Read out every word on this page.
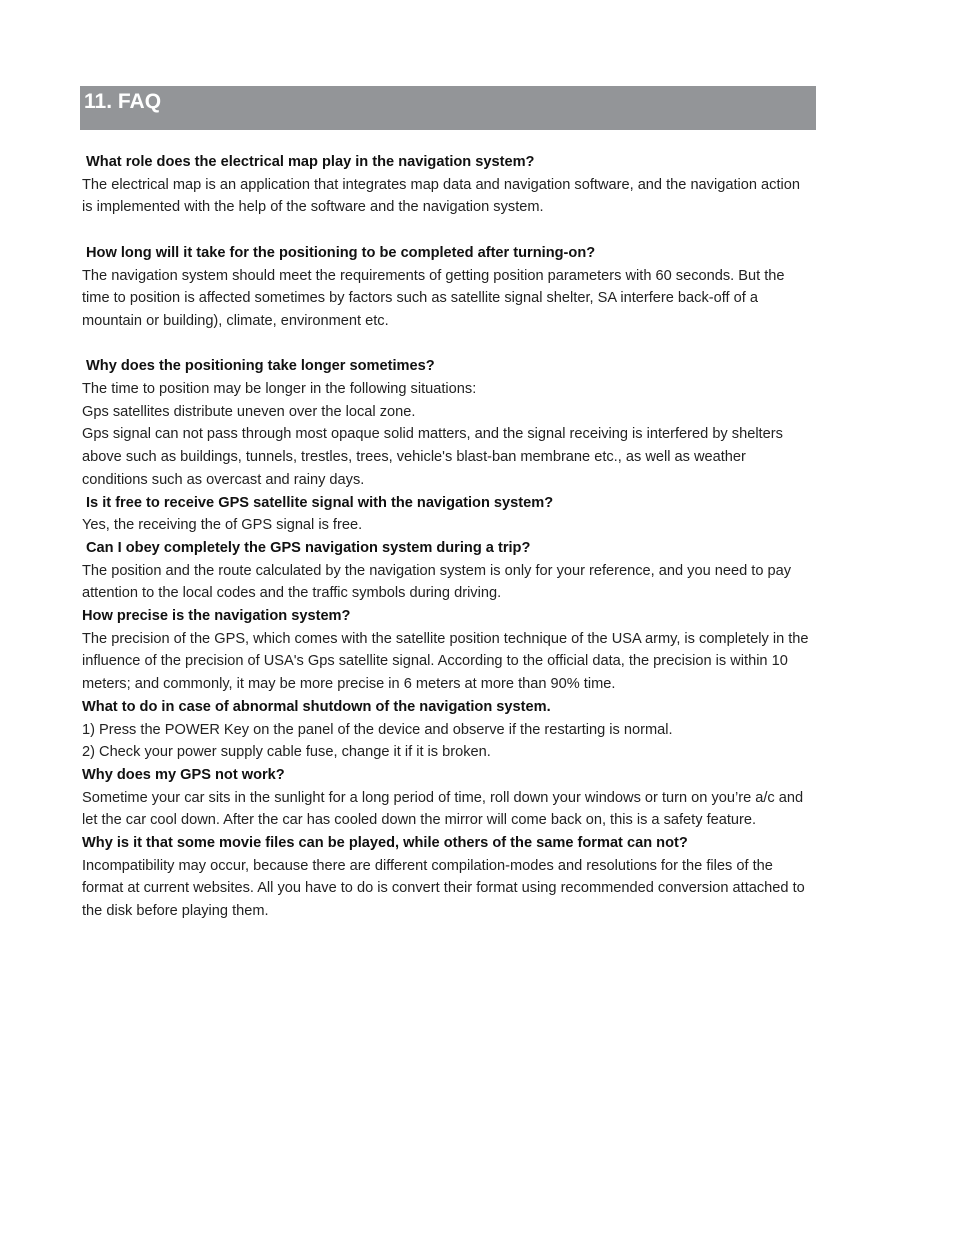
11. FAQ

What role does the electrical map play in the navigation system?

The electrical map is an application that integrates map data and navigation software, and the navigation action is implemented with the help of the software and the navigation system.

How long will it take for the positioning to be completed after turning-on?

The navigation system should meet the requirements of getting position parameters with 60 seconds. But the time to position is affected sometimes by factors such as satellite signal shelter, SA interfere back-off of a mountain or building), climate, environment etc.

Why does the positioning take longer sometimes?

The time to position may be longer in the following situations:

Gps satellites distribute uneven over the local zone.

Gps signal can not pass through most opaque solid matters, and the signal receiving is interfered by shelters above such as buildings, tunnels, trestles, trees, vehicle's blast-ban membrane etc., as well as weather conditions such as overcast and rainy days.

Is it free to receive GPS satellite signal with the navigation system?

Yes, the receiving the of GPS signal is free.

Can I obey completely the GPS navigation system during a trip?

The position and the route calculated by the navigation system is only for your reference, and you need to pay attention to the local codes and the traffic symbols during driving.

How precise is the navigation system?

The precision of the GPS, which comes with the satellite position technique of the USA army, is completely in the influence of the precision of USA's Gps satellite signal. According to the official data, the precision is within 10 meters; and commonly, it may be more precise in 6 meters at more than 90% time.

What to do in case of abnormal shutdown of the navigation system.

1) Press the POWER Key on the panel of the device and observe if the restarting is normal.

2) Check your power supply cable fuse, change it if it is broken.

Why does my GPS not work?

Sometime your car sits in the sunlight for a long period of time, roll down your windows or turn on you’re a/c and let the car cool down. After the car has cooled down the mirror will come back on, this is a safety feature.

Why is it that some movie files can be played, while others of the same format can not?

Incompatibility may occur, because there are different compilation-modes and resolutions for the files of the format at current websites. All you have to do is convert their format using recommended conversion attached to the disk before playing them.
